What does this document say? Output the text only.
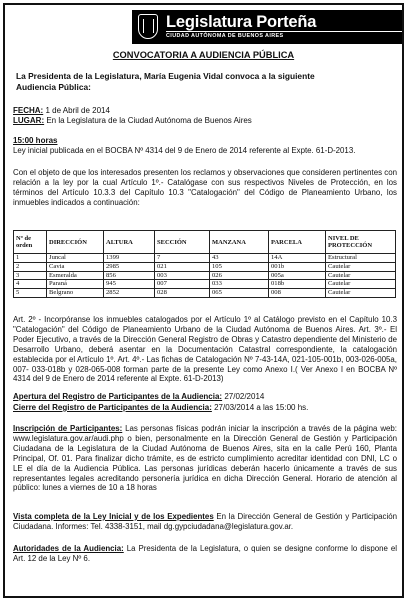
Legislatura Porteña
CIUDAD AUTÓNOMA DE BUENOS AIRES
CONVOCATORIA A AUDIENCIA PÚBLICA
La Presidenta de la Legislatura, María Eugenia Vidal convoca a la siguiente Audiencia Pública:
FECHA: 1 de Abril de 2014
LUGAR: En la Legislatura de la Ciudad Autónoma de Buenos Aires
15:00 horas
Ley inicial publicada en el BOCBA Nº 4314 del 9 de Enero de 2014 referente al Expte. 61-D-2013.
Con el objeto de que los interesados presenten los reclamos y observaciones que consideren pertinentes con relación a la ley por la cual Artículo 1º.- Catalógase con sus respectivos Niveles de Protección, en los términos del Artículo 10.3.3 del Capítulo 10.3 "Catalogación" del Código de Planeamiento Urbano, los inmuebles indicados a continuación:
Nº de orden	DIRECCIÓN	ALTURA	SECCIÓN	MANZANA	PARCELA	NIVEL DE PROTECCIÓN
1	Juncal	1399	7	43	14A	Estructural
2	Cavia	2985	021	105	001b	Cautelar
3	Esmeralda	856	003	026	005a	Cautelar
4	Paraná	945	007	033	018b	Cautelar
5	Belgrano	2852	028	065	008	Cautelar
Art. 2º - Incorpóranse los inmuebles catalogados por el Artículo 1º al Catálogo previsto en el Capítulo 10.3 "Catalogación" del Código de Planeamiento Urbano de la Ciudad Autónoma de Buenos Aires. Art. 3º.- El Poder Ejecutivo, a través de la Dirección General Registro de Obras y Catastro dependiente del Ministerio de Desarrollo Urbano, deberá asentar en la Documentación Catastral correspondiente, la catalogación establecida por el Artículo 1º. Art. 4º.- Las fichas de Catalogación Nº 7-43-14A, 021-105-001b, 003-026-005a, 007- 033-018b y 028-065-008 forman parte de la presente Ley como Anexo I.( Ver Anexo I en BOCBA Nº 4314 del 9 de Enero de 2014 referente al Expte. 61-D-2013)
Apertura del Registro de Participantes de la Audiencia: 27/02/2014
Cierre del Registro de Participantes de la Audiencia: 27/03/2014 a las 15:00 hs.
Inscripción de Participantes: Las personas físicas podrán iniciar la inscripción a través de la página web: www.legislatura.gov.ar/audi.php o bien, personalmente en la Dirección General de Gestión y Participación Ciudadana de la Legislatura de la Ciudad Autónoma de Buenos Aires, sita en la calle Perú 160, Planta Principal, Of. 01. Para finalizar dicho trámite, es de estricto cumplimiento acreditar identidad con DNI, LC o LE el día de la Audiencia Pública. Las personas jurídicas deberán hacerlo únicamente a través de sus representantes legales acreditando personería jurídica en dicha Dirección General. Horario de atención al público: lunes a viernes de 10 a 18 horas
Vista completa de la Ley Inicial y de los Expedientes En la Dirección General de Gestión y Participación Ciudadana. Informes: Tel. 4338-3151, mail dg.gypciudadana@legislatura.gov.ar.
Autoridades de la Audiencia: La Presidenta de la Legislatura, o quien se designe conforme lo dispone el Art. 12 de la Ley Nº 6.
